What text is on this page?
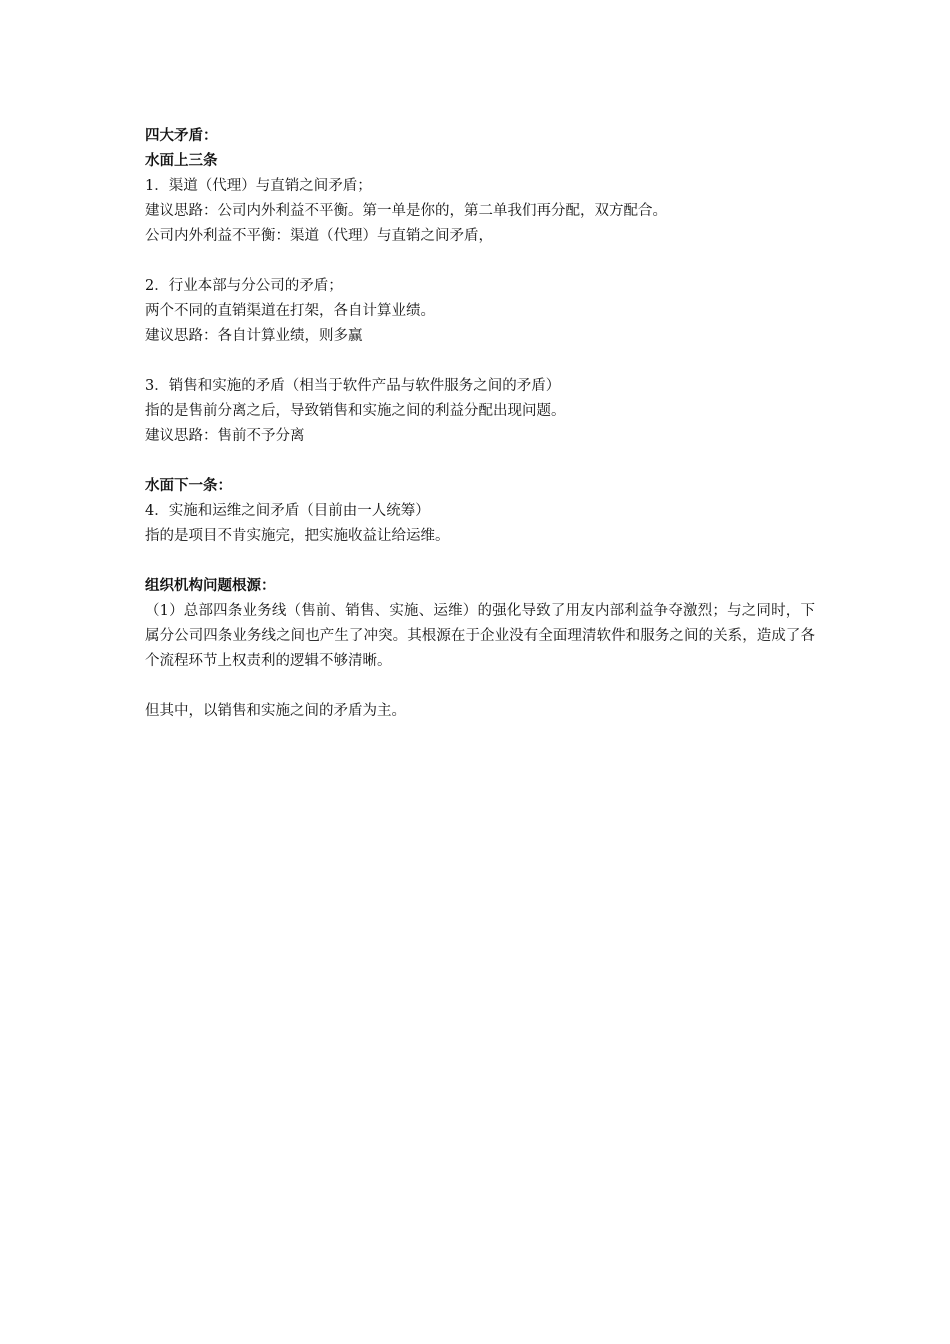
四大矛盾：
水面上三条
1．渠道（代理）与直销之间矛盾；
建议思路：公司内外利益不平衡。第一单是你的，第二单我们再分配，双方配合。
公司内外利益不平衡：渠道（代理）与直销之间矛盾，
2．行业本部与分公司的矛盾；
两个不同的直销渠道在打架，各自计算业绩。
建议思路：各自计算业绩，则多赢
3．销售和实施的矛盾（相当于软件产品与软件服务之间的矛盾）
指的是售前分离之后，导致销售和实施之间的利益分配出现问题。
建议思路：售前不予分离
水面下一条：
4．实施和运维之间矛盾（目前由一人统筹）
指的是项目不肯实施完，把实施收益让给运维。
组织机构问题根源：
（1）总部四条业务线（售前、销售、实施、运维）的强化导致了用友内部利益争夺激烈；与之同时，下属分公司四条业务线之间也产生了冲突。其根源在于企业没有全面理清软件和服务之间的关系，造成了各个流程环节上权责利的逻辑不够清晰。
但其中，以销售和实施之间的矛盾为主。
